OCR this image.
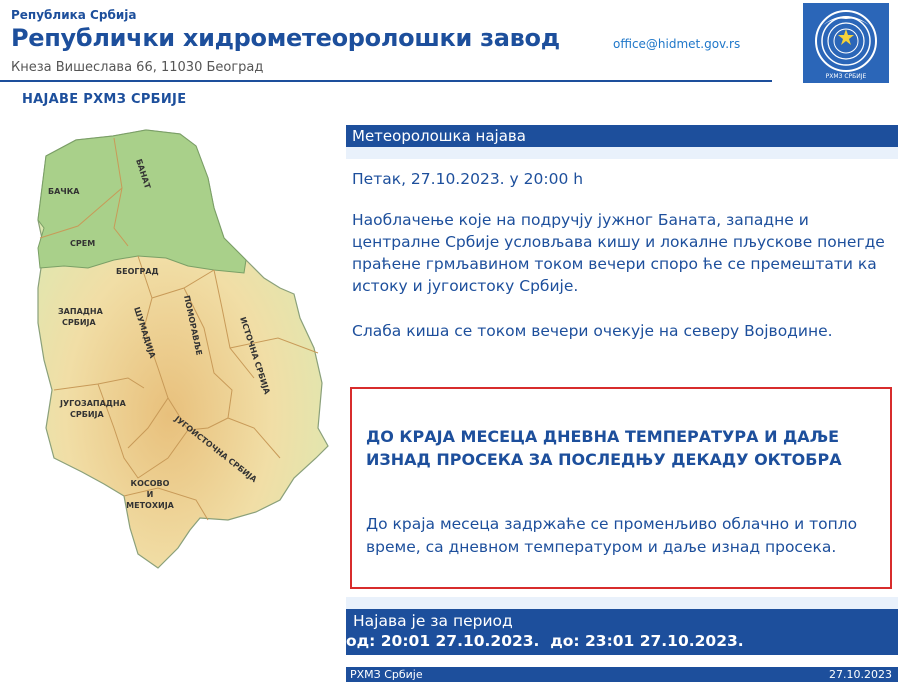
Република Србија
Републички хидрометеоролошки завод
Кнеза Вишеслава 66, 11030 Београд
office@hidmet.gov.rs
РХМЗ СРБИЈЕ
НАЈАВЕ РХМЗ СРБИЈЕ
БАЧКА
БАНАТ
СРЕМ
БЕОГРАД
ЗАПАДНА
СРБИЈА	ШУМАДИЈА	ПОМОРАВЉЕ	ИСТОЧНА СРБИЈА
ЈУГОЗАПАДНА
СРБИЈА	ЈУГОИСТОЧНА СРБИЈА
КОСОВО
И
МЕТОХИЈА
Метеоролошка најава
Петак, 27.10.2023. у 20:00 h
Наоблачење које на подручју јужног Баната, западне и централне Србије условљава кишу и локалне пљускове понегде праћене грмљавином током вечери споро ће се премештати ка истоку и југоистоку Србије.
Слаба киша се током вечери очекује на северу Војводине.
ДО КРАЈА МЕСЕЦА ДНЕВНА ТЕМПЕРАТУРА И ДАЉЕ ИЗНАД ПРОСЕКА ЗА ПОСЛЕДЊУ ДЕКАДУ ОКТОБРА
До краја месеца задржаће се променљиво облачно и топло време, са дневном температуром и даље изнад просека.
Најава је за период
од: 20:01 27.10.2023.  до: 23:01 27.10.2023.
РХМЗ Србије	27.10.2023
